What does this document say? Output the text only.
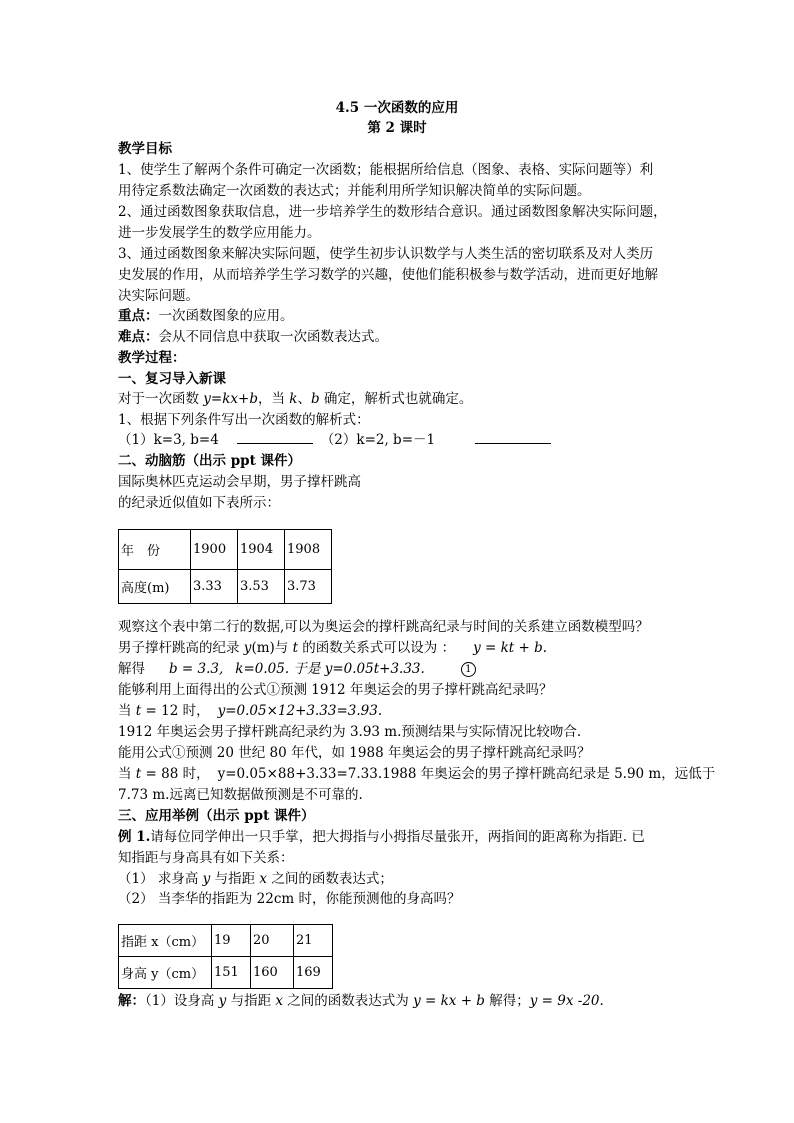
4.5 一次函数的应用
第 2 课时
教学目标
1、使学生了解两个条件可确定一次函数；能根据所给信息（图象、表格、实际问题等）利
用待定系数法确定一次函数的表达式；并能利用所学知识解决简单的实际问题。
2、通过函数图象获取信息，进一步培养学生的数形结合意识。通过函数图象解决实际问题，
进一步发展学生的数学应用能力。
3、通过函数图象来解决实际问题，使学生初步认识数学与人类生活的密切联系及对人类历
史发展的作用，从而培养学生学习数学的兴趣，使他们能积极参与数学活动，进而更好地解
决实际问题。
重点：一次函数图象的应用。
难点：会从不同信息中获取一次函数表达式。
教学过程：
一、复习导入新课
对于一次函数 y=kx+b，当 k、b 确定，解析式也就确定。
1、根据下列条件写出一次函数的解析式：
（1）k=3, b=4	（2）k=2, b=－1
二、动脑筋（出示 ppt 课件）
国际奥林匹克运动会早期，男子撑杆跳高
的纪录近似值如下表所示：
年　份	1900	1904	1908
高度(m)	3.33	3.53	3.73
观察这个表中第二行的数据,可以为奥运会的撑杆跳高纪录与时间的关系建立函数模型吗？
男子撑杆跳高的纪录 y(m)与 t 的函数关系式可以设为 ： y = kt + b.
解得 b = 3.3, k=0.05. 于是 y=0.05t+3.33.	1
能够利用上面得出的公式①预测 1912 年奥运会的男子撑杆跳高纪录吗？
当 t = 12 时， y=0.05×12+3.33=3.93.
1912 年奥运会男子撑杆跳高纪录约为 3.93 m.预测结果与实际情况比较吻合.
能用公式①预测 20 世纪 80 年代，如 1988 年奥运会的男子撑杆跳高纪录吗？
当 t = 88 时， y=0.05×88+3.33=7.33.1988 年奥运会的男子撑杆跳高纪录是 5.90 m，远低于
7.73 m.远离已知数据做预测是不可靠的.
三、应用举例（出示 ppt 课件）
例 1.请每位同学伸出一只手掌，把大拇指与小拇指尽量张开，两指间的距离称为指距. 已
知指距与身高具有如下关系：
（1） 求身高 y 与指距 x 之间的函数表达式；
（2） 当李华的指距为 22cm 时，你能预测他的身高吗？
指距 x（cm）	19	20	21
身高 y（cm）	151	160	169
解：（1）设身高 y 与指距 x 之间的函数表达式为 y = kx + b 解得；y = 9x -20.
